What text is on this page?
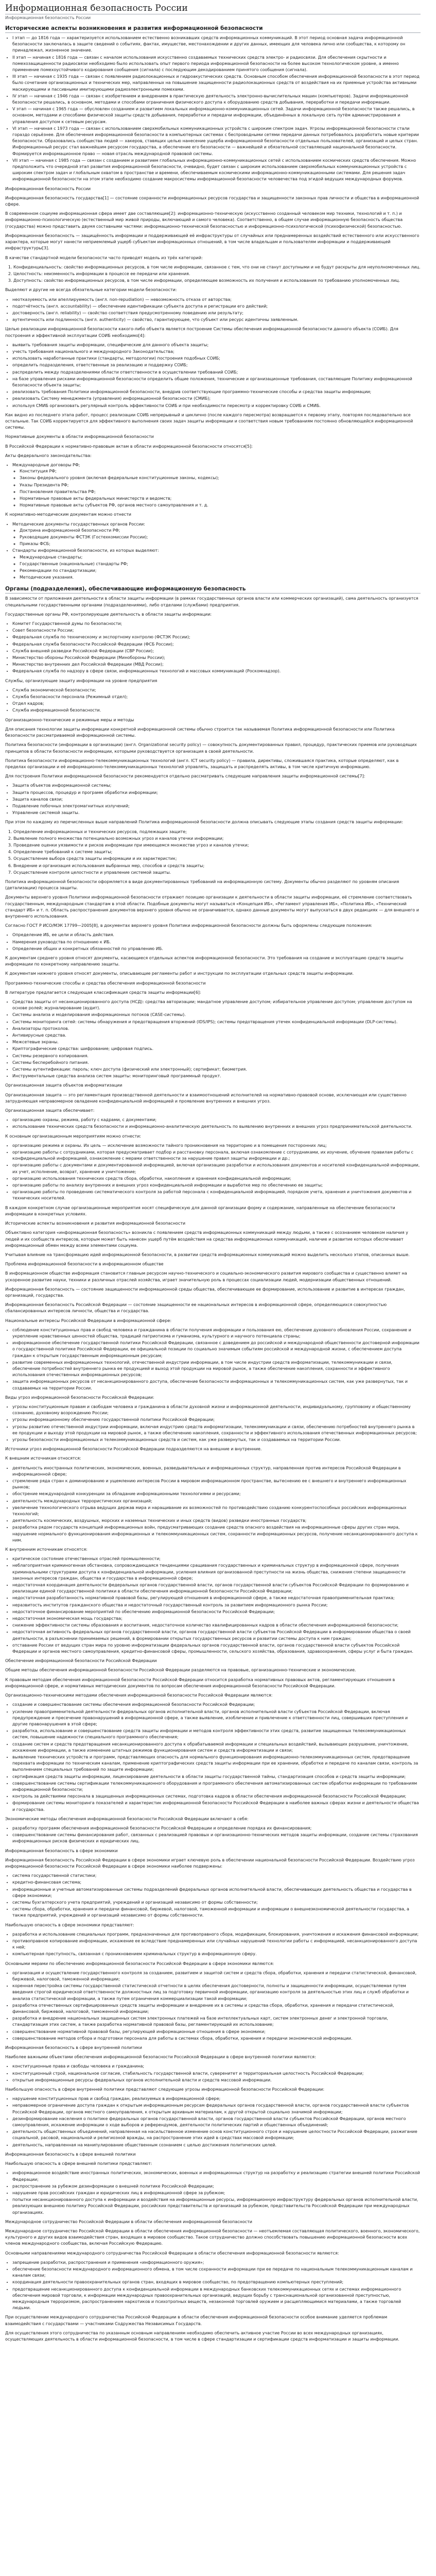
Информационная безопасность России
Информационная безопасность России
Исторические аспекты возникновения и развития информационной безопасности
• I этап — до 1816 года — характеризуется использованием естественно возникавших средств информационных коммуникаций. В этот период основная задача информационной безопасности заключалась в защите сведений о событиях, фактах, имуществе, местонахождении и других данных, имеющих для человека лично или сообщества, к которому он принадлежал, жизненное значение.
• II этап — начиная с 1816 года — связан с началом использования искусственно создаваемых технических средств электро- и радиосвязи. Для обеспечения скрытности и помехозащищенности радиосвязи необходимо было использовать опыт первого периода информационной безопасности на более высоком технологическом уровне, а именно применение помехоустойчивого кодирования сообщения (сигнала) с последующим декодированием принятого сообщения (сигнала).
• III этап — начиная с 1935 года — связан с появлением радиолокационных и гидроакустических средств. Основным способом обеспечения информационной безопасности в этот период было сочетание организационных и технических мер, направленных на повышение защищенности радиолокационных средств от воздействия на их приемные устройства активными маскирующими и пассивными имитирующими радиоэлектронными помехами.
• IV этап — начиная с 1946 года — связан с изобретением и внедрением в практическую деятельность электронно-вычислительных машин (компьютеров). Задачи информационной безопасности решались, в основном, методами и способами ограничения физического доступа к оборудованию средств добывания, переработки и передачи информации.
• V этап — начиная с 1965 года — обусловлен созданием и развитием локальных информационно-коммуникационных сетей. Задачи информационной безопасности также решались, в основном, методами и способами физической защиты средств добывания, переработки и передачи информации, объединённых в локальную сеть путём администрирования и управления доступом к сетевым ресурсам.
• VI этап — начиная с 1973 года — связан с использованием сверхмобильных коммуникационных устройств с широким спектром задач. Угрозы информационной безопасности стали гораздо серьёзнее. Для обеспечения информационной безопасности в компьютерных системах с беспроводными сетями передачи данных потребовалось разработать новые критерии безопасности. Образовались сообщества людей — хакеров, ставящих целью нанесение ущерба информационной безопасности отдельных пользователей, организаций и целых стран. Информационный ресурс стал важнейшим ресурсом государства, а обеспечение его безопасности — важнейшей и обязательной составляющей национальной безопасности. Формируется информационное право — новая отрасль международной правовой системы.
• VII этап — начиная с 1985 года — связан с созданием и развитием глобальных информационно-коммуникационных сетей с использованием космических средств обеспечения. Можно предположить что очередной этап развития информационной безопасности, очевидно, будет связан с широким использованием сверхмобильных коммуникационных устройств с широким спектром задач и глобальным охватом в пространстве и времени, обеспечиваемым космическими информационно-коммуникационными системами. Для решения задач информационной безопасности на этом этапе необходимо создание макросистемы информационной безопасности человечества под эгидой ведущих международных форумов.

Информационная безопасность России

Информационная безопасность государства[1] — состояние сохранности информационных ресурсов государства и защищенности законных прав личности и общества в информационной сфере.

В современном социуме информационная сфера имеет две составляющие[2]: информационно-техническую (искусственно созданный человеком мир техники, технологий и т. п.) и информационно-психологическую (естественный мир живой природы, включающий и самого человека). Соответственно, в общем случае информационную безопасность общества (государства) можно представить двумя составными частями: информационно-технической безопасностью и информационно-психологической (психофизической) безопасностью.

Информационная безопасность — защищённость информации и поддерживающей её инфраструктуры от случайных или преднамеренных воздействий естественного или искусственного характера, которые могут нанести неприемлемый ущерб субъектам информационных отношений, в том числе владельцам и пользователям информации и поддерживающей инфраструктуры[3].

В качестве стандартной модели безопасности часто приводят модель из трёх категорий:

1. Конфиденциальность: свойство информационных ресурсов, в том числе информации, связанное с тем, что они не станут доступными и не будут раскрыты для неуполномоченных лиц.
2. Целостность: неизменность информации в процессе ее передачи или хранения.
3. Доступность: свойство информационных ресурсов, в том числе информации, определяющее возможность их получения и использования по требованию уполномоченных лиц.

Выделяют и другие не всегда обязательные категории модели безопасности:

• неотказуемость или апеллируемость (англ. non-repudiation) — невозможность отказа от авторства;
• подотчётность (англ. accountability) — обеспечение идентификации субъекта доступа и регистрации его действий;
• достоверность (англ. reliability) — свойство соответствия предусмотренному поведению или результату;
• аутентичность или подлинность (англ. authenticity) — свойство, гарантирующее, что субъект или ресурс идентичны заявленным.

Целью реализации информационной безопасности какого-либо объекта является построение Системы обеспечения информационной безопасности данного объекта (СОИБ). Для построения и эффективной эксплуатации СОИБ необходимо[4]:

• выявить требования защиты информации, специфические для данного объекта защиты;
• учесть требования национального и международного Законодательства;
• использовать наработанные практики (стандарты, методологии) построения подобных СОИБ;
• определить подразделения, ответственные за реализацию и поддержку СОИБ;
• распределить между подразделениями области ответственности в осуществлении требований СОИБ;
• на базе управления рисками информационной безопасности определить общие положения, технические и организационные требования, составляющие Политику информационной безопасности объекта защиты;
• реализовать требования Политики информационной безопасности, внедрив соответствующие программно-технические способы и средства защиты информации;
• реализовать Систему менеджмента (управления) информационной безопасности (СМИБ);
• используя СМИБ организовать регулярный контроль эффективности СОИБ и при необходимости пересмотр и корректировку СОИБ и СМИБ.

Как видно из последнего этапа работ, процесс реализации СОИБ непрерывный и циклично (после каждого пересмотра) возвращается к первому этапу, повторяя последовательно все остальные. Так СОИБ корректируется для эффективного выполнения своих задач защиты информации и соответствия новым требованиям постоянно обновляющейся информационной системы.

Нормативные документы в области информационной безопасности

В Российской Федерации к нормативно-правовым актам в области информационной безопасности относятся[5]:

Акты федерального законодательства:

• Международные договоры РФ;
◦ Конституция РФ;
◦ Законы федерального уровня (включая федеральные конституционные законы, кодексы);
◦ Указы Президента РФ;
◦ Постановления правительства РФ;
◦ Нормативные правовые акты федеральных министерств и ведомств;
◦ Нормативные правовые акты субъектов РФ, органов местного самоуправления и т. д.

К нормативно-методическим документам можно отнести

• Методические документы государственных органов России:
◦ Доктрина информационной безопасности РФ;
◦ Руководящие документы ФСТЭК (Гостехкомиссии России);
◦ Приказы ФСБ;
• Стандарты информационной безопасности, из которых выделяют:
◦ Международные стандарты;
◦ Государственные (национальные) стандарты РФ;
◦ Рекомендации по стандартизации;
◦ Методические указания.
Органы (подразделения), обеспечивающие информационную безопасность

В зависимости от приложения деятельности в области защиты информации (в рамках государственных органов власти или коммерческих организаций), сама деятельность организуется специальными государственными органами (подразделениями), либо отделами (службами) предприятия.

Государственные органы РФ, контролирующие деятельность в области защиты информации:

• Комитет Государственной думы по безопасности;
• Совет безопасности России;
• Федеральная служба по техническому и экспортному контролю (ФСТЭК России);
• Федеральная служба безопасности Российской Федерации (ФСБ России);
• Служба внешней разведки Российской Федерации (СВР России);
• Министерство обороны Российской Федерации (Минобороны России);
• Министерство внутренних дел Российской Федерации (МВД России);
• Федеральная служба по надзору в сфере связи, информационных технологий и массовых коммуникаций (Роскомнадзор).

Службы, организующие защиту информации на уровне предприятия

• Служба экономической безопасности;
• Служба безопасности персонала (Режимный отдел);
• Отдел кадров;
• Служба информационной безопасности.

Организационно-технические и режимные меры и методы

Для описания технологии защиты информации конкретной информационной системы обычно строится так называемая Политика информационной безопасности или Политика безопасности рассматриваемой информационной системы.

Политика безопасности (информации в организации) (англ. Organizational security policy) — совокупность документированных правил, процедур, практических приемов или руководящих принципов в области безопасности информации, которыми руководствуется организация в своей деятельности.

Политика безопасности информационно-телекоммуникационных технологий (англ. ICT security policy) — правила, директивы, сложившаяся практика, которые определяют, как в пределах организации и её информационно-телекоммуникационных технологий управлять, защищать и распределять активы, в том числе критичную информацию.

Для построения Политики информационной безопасности рекомендуется отдельно рассматривать следующие направления защиты информационной системы[7]:

• Защита объектов информационной системы;
• Защита процессов, процедур и программ обработки информации;
• Защита каналов связи;
• Подавление побочных электромагнитных излучений;
• Управление системой защиты.

При этом по каждому из перечисленных выше направлений Политика информационной безопасности должна описывать следующие этапы создания средств защиты информации:

1. Определение информационных и технических ресурсов, подлежащих защите;
2. Выявление полного множества потенциально возможных угроз и каналов утечки информации;
3. Проведение оценки уязвимости и рисков информации при имеющемся множестве угроз и каналов утечки;
4. Определение требований к системе защиты;
5. Осуществление выбора средств защиты информации и их характеристик;
6. Внедрение и организация использования выбранных мер, способов и средств защиты;
7. Осуществление контроля целостности и управление системой защиты.

Политика информационной безопасности оформляется в виде документированных требований на информационную систему. Документы обычно разделяют по уровням описания (детализации) процесса защиты.

Документы верхнего уровня Политики информационной безопасности отражают позицию организации к деятельности в области защиты информации, её стремление соответствовать государственным, международным стандартам в этой области. Подобные документы могут называться «Концепция ИБ», «Регламент управления ИБ», «Политика ИБ», «Технический стандарт ИБ» и т. п. Область распространения документов верхнего уровня обычно не ограничивается, однако данные документы могут выпускаться в двух редакциях — для внешнего и внутреннего использования.

Согласно ГОСТ Р ИСО/МЭК 17799—2005[8], в документах верхнего уровня Политики информационной безопасности должны быть оформлены следующие положения:

• Определение ИБ, ее цели и область действия.
• Намерения руководства по отношению к ИБ.
• Определение общих и конкретных обязанностей по управлению ИБ.

К документам среднего уровня относят документы, касающиеся отдельных аспектов информационной безопасности. Это требования на создание и эксплуатацию средств защиты информации по конкретному направлению защиты.

К документам нижнего уровня относят документы, описывающие регламенты работ и инструкции по эксплуатации отдельных средств защиты информации.

Программно-технические способы и средства обеспечения информационной безопасности

В литературе предлагается следующая классификация средств защиты информации[6]:

• Средства защиты от несанкционированного доступа (НСД): средства авторизации; мандатное управление доступом; избирательное управление доступом; управление доступом на основе ролей; журналирование (аудит).
• Системы анализа и моделирования информационных потоков (CASE-системы).
• Системы мониторинга сетей: системы обнаружения и предотвращения вторжений (IDS/IPS); системы предотвращения утечек конфиденциальной информации (DLP-системы).
• Анализаторы протоколов.
• Антивирусные средства.
• Межсетевые экраны.
• Криптографические средства: шифрование; цифровая подпись.
• Системы резервного копирования.
• Системы бесперебойного питания.
• Системы аутентификации: пароль; ключ доступа (физический или электронный); сертификат; биометрия.
• Инструментальные средства анализа систем защиты: мониторинговый программный продукт.

Организационная защита объектов информатизации

Организационная защита — это регламентация производственной деятельности и взаимоотношений исполнителей на нормативно-правовой основе, исключающая или существенно затрудняющая неправомерное овладение конфиденциальной информацией и проявление внутренних и внешних угроз.

Организационная защита обеспечивает:

• организацию охраны, режима, работу с кадрами, с документами;
• использование технических средств безопасности и информационно-аналитическую деятельность по выявлению внутренних и внешних угроз предпринимательской деятельности.

К основным организационным мероприятиям можно отнести:

• организацию режима и охраны. Их цель — исключение возможности тайного проникновения на территорию и в помещения посторонних лиц;
• организацию работы с сотрудниками, которая предусматривает подбор и расстановку персонала, включая ознакомление с сотрудниками, их изучение, обучение правилам работы с конфиденциальной информацией, ознакомление с мерами ответственности за нарушение правил защиты информации и др.;
• организацию работы с документами и документированной информацией, включая организацию разработки и использования документов и носителей конфиденциальной информации, их учет, исполнение, возврат, хранение и уничтожение;
• организацию использования технических средств сбора, обработки, накопления и хранения конфиденциальной информации;
• организацию работы по анализу внутренних и внешних угроз конфиденциальной информации и выработке мер по обеспечению ее защиты;
• организацию работы по проведению систематического контроля за работой персонала с конфиденциальной информацией, порядком учета, хранения и уничтожения документов и технических носителей.

В каждом конкретном случае организационные мероприятия носят специфическую для данной организации форму и содержание, направленные на обеспечение безопасности информации в конкретных условиях.

Исторические аспекты возникновения и развития информационной безопасности

Объективно категория «информационная безопасность» возникла с появлением средств информационных коммуникаций между людьми, а также с осознанием человеком наличия у людей и их сообществ интересов, которым может быть нанесен ущерб путём воздействия на средства информационных коммуникаций, наличие и развитие которых обеспечивает информационный обмен между всеми элементами социума.

Учитывая влияние на трансформацию идей информационной безопасности, в развитии средств информационных коммуникаций можно выделить несколько этапов, описанных выше.

Проблема информационной безопасности в информационном обществе

В информационном обществе информация становится главным ресурсом научно-технического и социально-экономического развития мирового сообщества и существенно влияет на ускоренное развитие науки, техники и различных отраслей хозяйства, играет значительную роль в процессах социализации людей, модернизации общественных отношений.

Информационная безопасность — состояние защищенности информационной среды общества, обеспечивающее ее формирование, использование и развитие в интересах граждан, организаций, государства.

Информационная безопасность Российской Федерации — состояние защищенности ее национальных интересов в информационной сфере, определяющихся совокупностью сбалансированных интересов личности, общества и государства.

Национальные интересы Российской Федерации в информационной сфере:

• соблюдение конституционных прав и свобод человека и гражданина в области получения информации и пользования ею, обеспечение духовного обновления России, сохранение и укрепление нравственных ценностей общества, традиций патриотизма и гуманизма, культурного и научного потенциала страны;
• информационное обеспечение государственной политики Российской Федерации, связанное с доведением до российской и международной общественности достоверной информации о государственной политике Российской Федерации, ее официальной позиции по социально значимым событиям российской и международной жизни, с обеспечением доступа граждан к открытым государственным информационным ресурсам;
• развитие современных информационных технологий, отечественной индустрии информации, в том числе индустрии средств информатизации, телекоммуникации и связи, обеспечение потребностей внутреннего рынка ее продукцией и выход этой продукции на мировой рынок, а также обеспечение накопления, сохранности и эффективного использования отечественных информационных ресурсов;
• защита информационных ресурсов от несанкционированного доступа, обеспечение безопасности информационных и телекоммуникационных систем, как уже развернутых, так и создаваемых на территории России.

Виды угроз информационной безопасности Российской Федерации:

• угрозы конституционным правам и свободам человека и гражданина в области духовной жизни и информационной деятельности, индивидуальному, групповому и общественному сознанию, духовному возрождению России;
• угрозы информационному обеспечению государственной политики Российской Федерации;
• угрозы развитию отечественной индустрии информации, включая индустрию средств информатизации, телекоммуникации и связи, обеспечению потребностей внутреннего рынка в ее продукции и выходу этой продукции на мировой рынок, а также обеспечению накопления, сохранности и эффективного использования отечественных информационных ресурсов;
• угрозы безопасности информационных и телекоммуникационных средств и систем, как уже развернутых, так и создаваемых на территории России.

Источники угроз информационной безопасности Российской Федерации подразделяются на внешние и внутренние.

К внешним источникам относятся:

• деятельность иностранных политических, экономических, военных, разведывательных и информационных структур, направленная против интересов Российской Федерации в информационной сфере;
• стремление ряда стран к доминированию и ущемлению интересов России в мировом информационном пространстве, вытеснению ее с внешнего и внутреннего информационных рынков;
• обострение международной конкуренции за обладание информационными технологиями и ресурсами;
• деятельность международных террористических организаций;
• увеличение технологического отрыва ведущих держав мира и наращивание их возможностей по противодействию созданию конкурентоспособных российских информационных технологий;
• деятельность космических, воздушных, морских и наземных технических и иных средств (видов) разведки иностранных государств;
• разработка рядом государств концепций информационных войн, предусматривающих создание средств опасного воздействия на информационные сферы других стран мира, нарушение нормального функционирования информационных и телекоммуникационных систем, сохранности информационных ресурсов, получение несанкционированного доступа к ним.

К внутренним источникам относятся:

• критическое состояние отечественных отраслей промышленности;
• неблагоприятная криминогенная обстановка, сопровождающаяся тенденциями сращивания государственных и криминальных структур в информационной сфере, получения криминальными структурами доступа к конфиденциальной информации, усиления влияния организованной преступности на жизнь общества, снижения степени защищенности законных интересов граждан, общества и государства в информационной сфере;
• недостаточная координация деятельности федеральных органов государственной власти, органов государственной власти субъектов Российской Федерации по формированию и реализации единой государственной политики в области обеспечения информационной безопасности Российской Федерации;
• недостаточная разработанность нормативной правовой базы, регулирующей отношения в информационной сфере, а также недостаточная правоприменительная практика;
• неразвитость институтов гражданского общества и недостаточный государственный контроль за развитием информационного рынка России;
• недостаточное финансирование мероприятий по обеспечению информационной безопасности Российской Федерации;
• недостаточная экономическая мощь государства;
• снижение эффективности системы образования и воспитания, недостаточное количество квалифицированных кадров в области обеспечения информационной безопасности;
• недостаточная активность федеральных органов государственной власти, органов государственной власти субъектов Российской Федерации в информировании общества о своей деятельности, в разъяснении принимаемых решений, в формировании открытых государственных ресурсов и развитии системы доступа к ним граждан;
• отставание России от ведущих стран мира по уровню информатизации федеральных органов государственной власти, органов государственной власти субъектов Российской Федерации и органов местного самоуправления, кредитно-финансовой сферы, промышленности, сельского хозяйства, образования, здравоохранения, сферы услуг и быта граждан.

Обеспечение информационной безопасности Российской Федерации

Общие методы обеспечения информационной безопасности Российской Федерации разделяются на правовые, организационно-технические и экономические.

К правовым методам обеспечения информационной безопасности Российской Федерации относится разработка нормативных правовых актов, регламентирующих отношения в информационной сфере, и нормативных методических документов по вопросам обеспечения информационной безопасности Российской Федерации.

Организационно-техническими методами обеспечения информационной безопасности Российской Федерации являются:

• создание и совершенствование системы обеспечения информационной безопасности Российской Федерации;
• усиление правоприменительной деятельности федеральных органов исполнительной власти, органов исполнительной власти субъектов Российской Федерации, включая предупреждение и пресечение правонарушений в информационной сфере, а также выявление, изобличение и привлечение к ответственности лиц, совершивших преступления и другие правонарушения в этой сфере;
• разработка, использование и совершенствование средств защиты информации и методов контроля эффективности этих средств, развитие защищенных телекоммуникационных систем, повышение надежности специального программного обеспечения;
• создание систем и средств предотвращения несанкционированного доступа к обрабатываемой информации и специальных воздействий, вызывающих разрушение, уничтожение, искажение информации, а также изменение штатных режимов функционирования систем и средств информатизации и связи;
• выявление технических устройств и программ, представляющих опасность для нормального функционирования информационно-телекоммуникационных систем, предотвращение перехвата информации по техническим каналам, применение криптографических средств защиты информации при ее хранении, обработке и передаче по каналам связи, контроль за выполнением специальных требований по защите информации;
• сертификация средств защиты информации, лицензирование деятельности в области защиты государственной тайны, стандартизация способов и средств защиты информации;
• совершенствование системы сертификации телекоммуникационного оборудования и программного обеспечения автоматизированных систем обработки информации по требованиям информационной безопасности;
• контроль за действиями персонала в защищенных информационных системах, подготовка кадров в области обеспечения информационной безопасности Российской Федерации;
• формирование системы мониторинга показателей и характеристик информационной безопасности Российской Федерации в наиболее важных сферах жизни и деятельности общества и государства.

Экономические методы обеспечения информационной безопасности Российской Федерации включают в себя:

• разработку программ обеспечения информационной безопасности Российской Федерации и определение порядка их финансирования;
• совершенствование системы финансирования работ, связанных с реализацией правовых и организационно-технических методов защиты информации, создание системы страхования информационных рисков физических и юридических лиц.

Информационная безопасность в сфере экономики

Информационная безопасность Российской Федерации в сфере экономики играет ключевую роль в обеспечении национальной безопасности Российской Федерации. Воздействию угроз информационной безопасности Российской Федерации в сфере экономики наиболее подвержены:

• система государственной статистики;
• кредитно-финансовая система;
• информационные и учетные автоматизированные системы подразделений федеральных органов исполнительной власти, обеспечивающих деятельность общества и государства в сфере экономики;
• системы бухгалтерского учета предприятий, учреждений и организаций независимо от формы собственности;
• системы сбора, обработки, хранения и передачи финансовой, биржевой, налоговой, таможенной информации и информации о внешнеэкономической деятельности государства, а также предприятий, учреждений и организаций независимо от формы собственности.

Наибольшую опасность в сфере экономики представляют:

• разработка и использование специальных программ, предназначенных для противоправного сбора, модификации, блокирования, уничтожения и искажения финансовой информации;
• противоправное копирование информации, искажение ее вследствие преднамеренных или случайных нарушений технологии работы с информацией, несанкционированного доступа к ней;
• компьютерная преступность, связанная с проникновением криминальных структур в информационную сферу.

Основными мерами по обеспечению информационной безопасности Российской Федерации в сфере экономики являются:

• организация и осуществление государственного контроля за созданием, развитием и защитой систем и средств сбора, обработки, хранения и передачи статистической, финансовой, биржевой, налоговой, таможенной информации;
• коренная перестройка системы государственной статистической отчетности в целях обеспечения достоверности, полноты и защищенности информации, осуществляемая путем введения строгой юридической ответственности должностных лиц за подготовку первичной информации, организацию контроля за деятельностью этих лиц и служб обработки и анализа статистической информации, а также путем ограничения коммерциализации такой информации;
• разработка отечественных сертифицированных средств защиты информации и внедрение их в системы и средства сбора, обработки, хранения и передачи статистической, финансовой, биржевой, налоговой, таможенной информации;
• разработка и внедрение национальных защищенных систем электронных платежей на базе интеллектуальных карт, систем электронных денег и электронной торговли, стандартизация этих систем, а также разработка нормативной правовой базы, регламентирующей их использование;
• совершенствование нормативной правовой базы, регулирующей информационные отношения в сфере экономики;
• совершенствование методов отбора и подготовки персонала для работы в системах сбора, обработки, хранения и передачи экономической информации.

Информационная безопасность в сфере внутренней политики

Наиболее важными объектами обеспечения информационной безопасности Российской Федерации в сфере внутренней политики являются:

• конституционные права и свободы человека и гражданина;
• конституционный строй, национальное согласие, стабильность государственной власти, суверенитет и территориальная целостность Российской Федерации;
• открытые информационные ресурсы федеральных органов исполнительной власти и средств массовой информации.

Наибольшую опасность в сфере внутренней политики представляют следующие угрозы информационной безопасности Российской Федерации:

• нарушение конституционных прав и свобод граждан, реализуемых в информационной сфере;
• неправомерное ограничение доступа граждан к открытым информационным ресурсам федеральных органов государственной власти, органов государственной власти субъектов Российской Федерации, органов местного самоуправления, к открытым архивным материалам, к другой открытой социально значимой информации;
• дезинформирование населения о политике федеральных органов государственной власти, органов государственной власти субъектов Российской Федерации, органов местного самоуправления, искажение информации о ходе выборов и референдумов, деятельности политических партий и общественных объединений;
• деятельность общественных объединений, направленная на насильственное изменение основ конституционного строя и нарушение целостности Российской Федерации, разжигание социальной, расовой, национальной и религиозной вражды, на распространение этих идей в средствах массовой информации;
• деятельность, направленная на манипулирование общественным сознанием с целью достижения политических целей.

Информационная безопасность в сфере внешней политики

Наибольшую опасность в сфере внешней политики представляют:

• информационное воздействие иностранных политических, экономических, военных и информационных структур на разработку и реализацию стратегии внешней политики Российской Федерации;
• распространение за рубежом дезинформации о внешней политике Российской Федерации;
• нарушение прав российских граждан и юридических лиц в информационной сфере за рубежом;
• попытки несанкционированного доступа к информации и воздействия на информационные ресурсы, информационную инфраструктуру федеральных органов исполнительной власти, реализующих внешнюю политику Российской Федерации, российских представительств и организаций за рубежом, представительств Российской Федерации при международных организациях.

Международное сотрудничество Российской Федерации в области обеспечения информационной безопасности

Международное сотрудничество Российской Федерации в области обеспечения информационной безопасности — неотъемлемая составляющая политического, военного, экономического, культурного и других видов взаимодействия стран, входящих в мировое сообщество. Такое сотрудничество должно способствовать повышению информационной безопасности всех членов международного сообщества, включая Российскую Федерацию.

Основными направлениями международного сотрудничества Российской Федерации в области обеспечения информационной безопасности являются:

• запрещение разработки, распространения и применения «информационного оружия»;
• обеспечение безопасности международного информационного обмена, в том числе сохранности информации при ее передаче по национальным телекоммуникационным каналам и каналам связи;
• координация деятельности правоохранительных органов стран, входящих в мировое сообщество, по предотвращению компьютерных преступлений;
• предотвращение несанкционированного доступа к конфиденциальной информации в международных банковских телекоммуникационных сетях и системах информационного обеспечения мировой торговли, к информации международных правоохранительных организаций, ведущих борьбу с транснациональной организованной преступностью, международным терроризмом, распространением наркотиков и психотропных веществ, незаконной торговлей оружием и расщепляющимися материалами, а также торговлей людьми.

При осуществлении международного сотрудничества Российской Федерации в области обеспечения информационной безопасности особое внимание уделяется проблемам взаимодействия с государствами — участниками Содружества Независимых Государств.

Для осуществления этого сотрудничества по указанным основным направлениям необходимо обеспечить активное участие России во всех международных организациях, осуществляющих деятельность в области информационной безопасности, в том числе в сфере стандартизации и сертификации средств информатизации и защиты информации.
